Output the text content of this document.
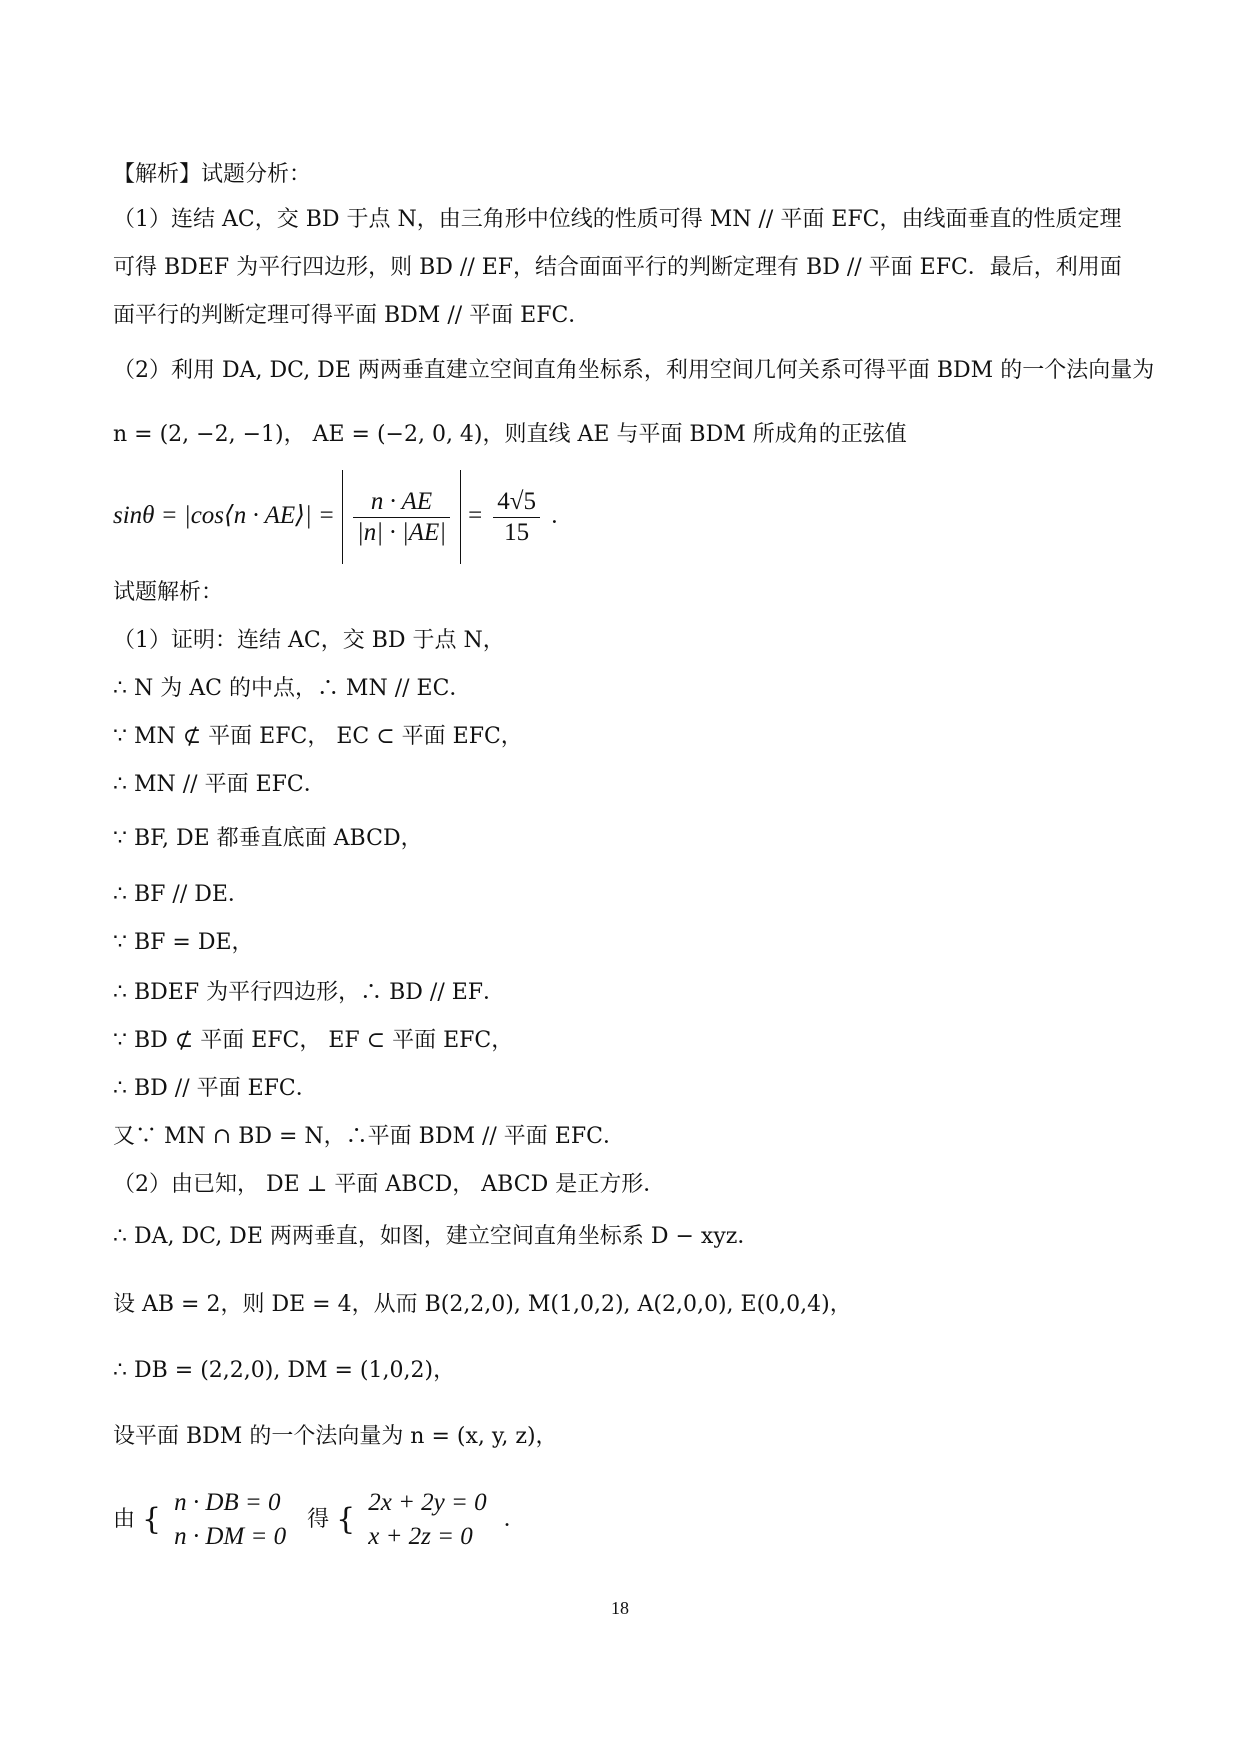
【解析】试题分析：
（1）连结 AC，交 BD 于点 N，由三角形中位线的性质可得 MN // 平面 EFC，由线面垂直的性质定理可得 BDEF 为平行四边形，则 BD // EF，结合面面平行的判断定理有 BD // 平面 EFC．最后，利用面面平行的判断定理可得平面 BDM // 平面 EFC．
（2）利用 DA, DC, DE 两两垂直建立空间直角坐标系，利用空间几何关系可得平面 BDM 的一个法向量为
n = (2, −2, −1)， AE = (−2, 0, 4)，则直线 AE 与平面 BDM 所成角的正弦值
sinθ = |cos⟨n · AE⟩| = $\frac{n \cdot AE}{|n| \cdot |AE|} = \frac{4√5}{15}$ ．
试题解析：
（1）证明：连结 AC，交 BD 于点 N，
∴ N 为 AC 的中点，∴ MN // EC．
∵ MN ⊄ 平面 EFC， EC ⊂ 平面 EFC，
∴ MN // 平面 EFC．
∵ BF, DE 都垂直底面 ABCD，
∴ BF // DE．
∵ BF = DE，
∴ BDEF 为平行四边形，∴ BD // EF．
∵ BD ⊄ 平面 EFC， EF ⊂ 平面 EFC，
∴ BD // 平面 EFC．
又∵ MN ∩ BD = N，∴平面 BDM // 平面 EFC．
（2）由已知， DE ⊥ 平面 ABCD， ABCD 是正方形．
∴ DA, DC, DE 两两垂直，如图，建立空间直角坐标系 D − xyz．
设 AB = 2，则 DE = 4，从而 B(2,2,0), M(1,0,2), A(2,0,0), E(0,0,4)，
∴ DB = (2,2,0), DM = (1,0,2)，
设平面 BDM 的一个法向量为 n = (x, y, z)，
由 { n · DB = 0
n · DM = 0
得 { 2x + 2y = 0
x + 2z = 0
．
18
